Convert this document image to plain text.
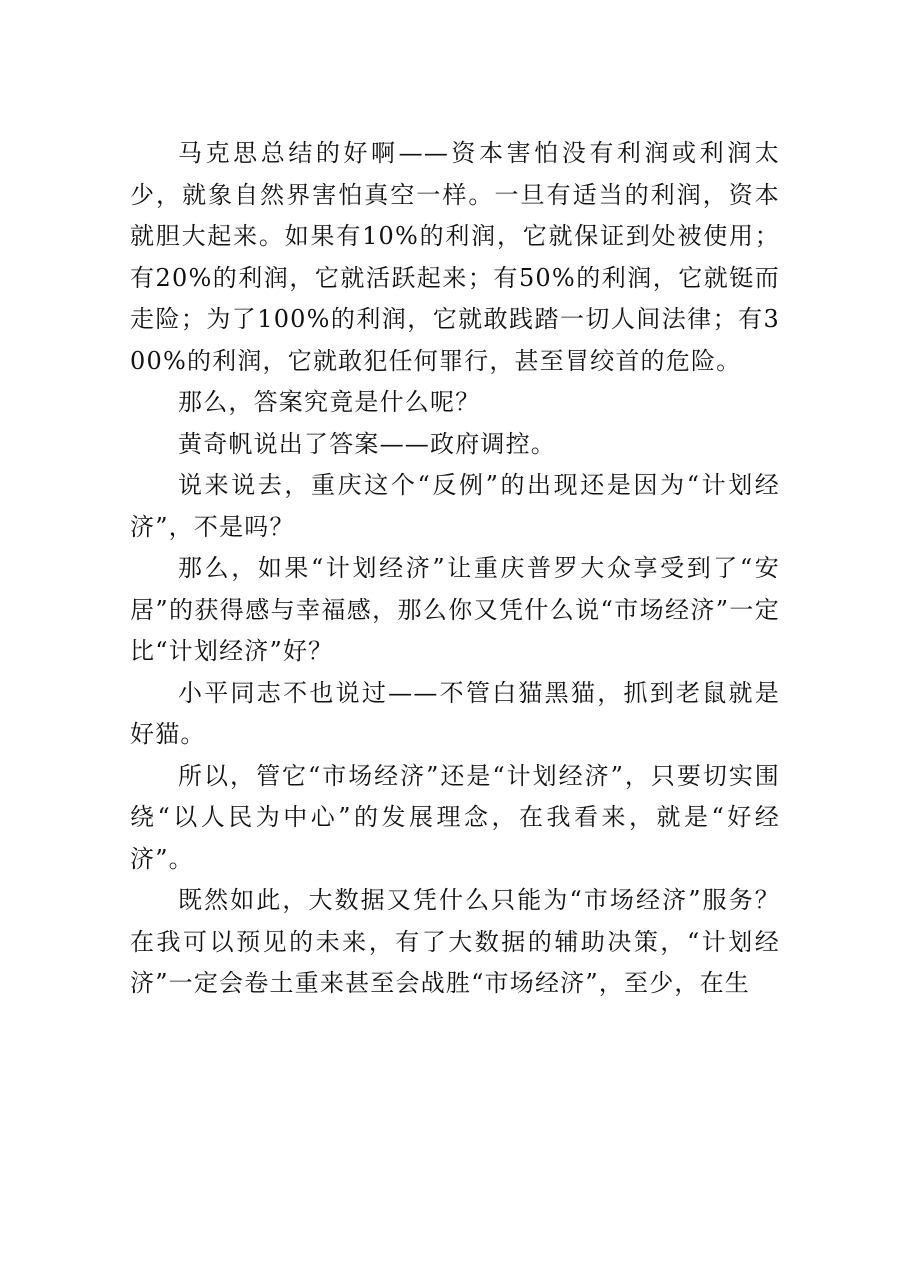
马克思总结的好啊——资本害怕没有利润或利润太少，就象自然界害怕真空一样。一旦有适当的利润，资本就胆大起来。如果有10%的利润，它就保证到处被使用；有20%的利润，它就活跃起来；有50%的利润，它就铤而走险；为了100%的利润，它就敢践踏一切人间法律；有300%的利润，它就敢犯任何罪行，甚至冒绞首的危险。

那么，答案究竟是什么呢？

黄奇帆说出了答案——政府调控。

说来说去，重庆这个“反例”的出现还是因为“计划经济”，不是吗？

那么，如果“计划经济”让重庆普罗大众享受到了“安居”的获得感与幸福感，那么你又凭什么说“市场经济”一定比“计划经济”好？

小平同志不也说过——不管白猫黑猫，抓到老鼠就是好猫。

所以，管它“市场经济”还是“计划经济”，只要切实围绕“以人民为中心”的发展理念，在我看来，就是“好经济”。

既然如此，大数据又凭什么只能为“市场经济”服务？在我可以预见的未来，有了大数据的辅助决策，“计划经济”一定会卷土重来甚至会战胜“市场经济”，至少，在生
